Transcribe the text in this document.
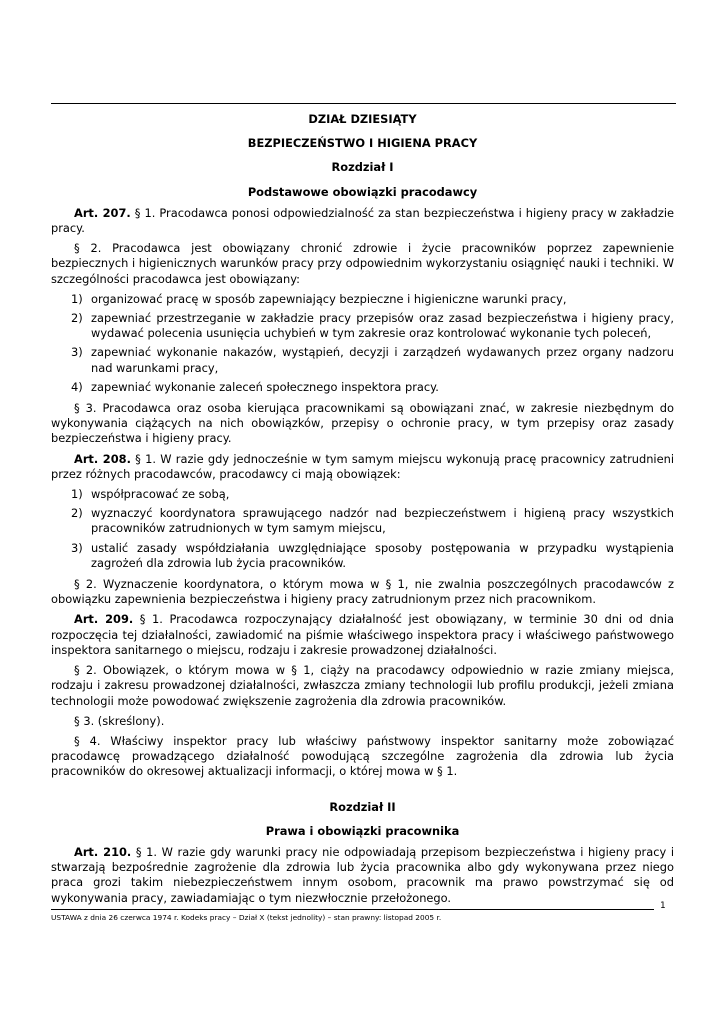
DZIAŁ DZIESIĄTY
BEZPIECZEŃSTWO I HIGIENA PRACY
Rozdział I
Podstawowe obowiązki pracodawcy
Art. 207. § 1. Pracodawca ponosi odpowiedzialność za stan bezpieczeństwa i higieny pracy w zakładzie pracy.
§ 2. Pracodawca jest obowiązany chronić zdrowie i życie pracowników poprzez zapewnienie bezpiecznych i higienicznych warunków pracy przy odpowiednim wykorzystaniu osiągnięć nauki i techniki. W szczególności pracodawca jest obowiązany:
1) organizować pracę w sposób zapewniający bezpieczne i higieniczne warunki pracy,
2) zapewniać przestrzeganie w zakładzie pracy przepisów oraz zasad bezpieczeństwa i higieny pracy, wydawać polecenia usunięcia uchybień w tym zakresie oraz kontrolować wykonanie tych poleceń,
3) zapewniać wykonanie nakazów, wystąpień, decyzji i zarządzeń wydawanych przez organy nadzoru nad warunkami pracy,
4) zapewniać wykonanie zaleceń społecznego inspektora pracy.
§ 3. Pracodawca oraz osoba kierująca pracownikami są obowiązani znać, w zakresie niezbędnym do wykonywania ciążących na nich obowiązków, przepisy o ochronie pracy, w tym przepisy oraz zasady bezpieczeństwa i higieny pracy.
Art. 208. § 1. W razie gdy jednocześnie w tym samym miejscu wykonują pracę pracownicy zatrudnieni przez różnych pracodawców, pracodawcy ci mają obowiązek:
1) współpracować ze sobą,
2) wyznaczyć koordynatora sprawującego nadzór nad bezpieczeństwem i higieną pracy wszystkich pracowników zatrudnionych w tym samym miejscu,
3) ustalić zasady współdziałania uwzględniające sposoby postępowania w przypadku wystąpienia zagrożeń dla zdrowia lub życia pracowników.
§ 2. Wyznaczenie koordynatora, o którym mowa w § 1, nie zwalnia poszczególnych pracodawców z obowiązku zapewnienia bezpieczeństwa i higieny pracy zatrudnionym przez nich pracownikom.
Art. 209. § 1. Pracodawca rozpoczynający działalność jest obowiązany, w terminie 30 dni od dnia rozpoczęcia tej działalności, zawiadomić na piśmie właściwego inspektora pracy i właściwego państwowego inspektora sanitarnego o miejscu, rodzaju i zakresie prowadzonej działalności.
§ 2. Obowiązek, o którym mowa w § 1, ciąży na pracodawcy odpowiednio w razie zmiany miejsca, rodzaju i zakresu prowadzonej działalności, zwłaszcza zmiany technologii lub profilu produkcji, jeżeli zmiana technologii może powodować zwiększenie zagrożenia dla zdrowia pracowników.
§ 3. (skreślony).
§ 4. Właściwy inspektor pracy lub właściwy państwowy inspektor sanitarny może zobowiązać pracodawcę prowadzącego działalność powodującą szczególne zagrożenia dla zdrowia lub życia pracowników do okresowej aktualizacji informacji, o której mowa w § 1.
Rozdział II
Prawa i obowiązki pracownika
Art. 210. § 1. W razie gdy warunki pracy nie odpowiadają przepisom bezpieczeństwa i higieny pracy i stwarzają bezpośrednie zagrożenie dla zdrowia lub życia pracownika albo gdy wykonywana przez niego praca grozi takim niebezpieczeństwem innym osobom, pracownik ma prawo powstrzymać się od wykonywania pracy, zawiadamiając o tym niezwłocznie przełożonego.
1
USTAWA z dnia 26 czerwca 1974 r. Kodeks pracy – Dział X (tekst jednolity) – stan prawny: listopad 2005 r.
